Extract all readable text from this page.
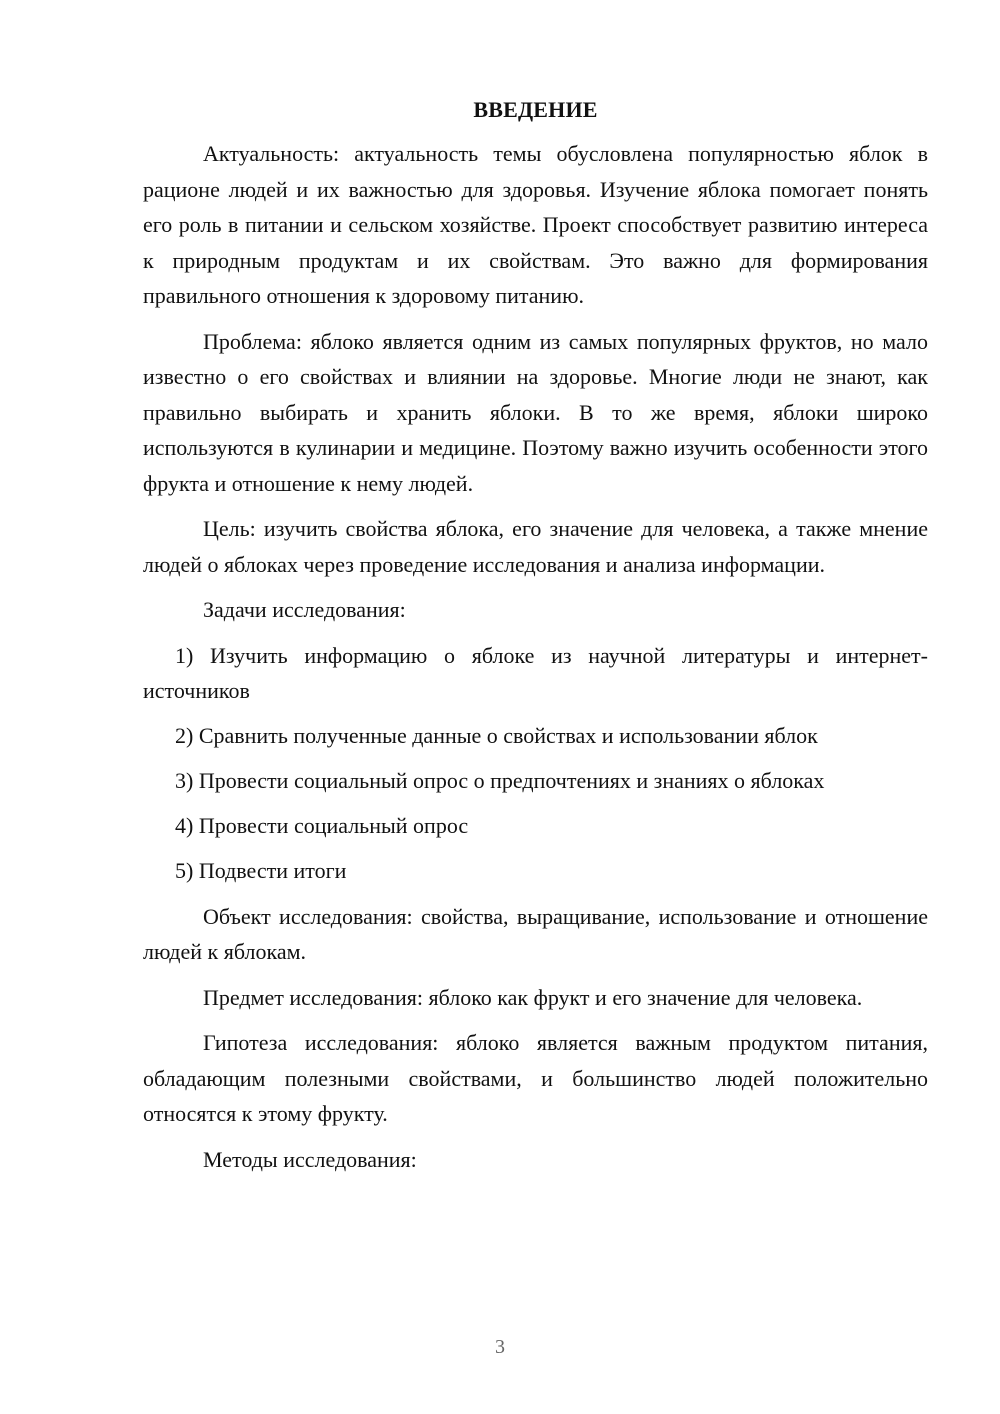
ВВЕДЕНИЕ

Актуальность: актуальность темы обусловлена популярностью яблок в рационе людей и их важностью для здоровья. Изучение яблока помогает понять его роль в питании и сельском хозяйстве. Проект способствует развитию интереса к природным продуктам и их свойствам. Это важно для формирования правильного отношения к здоровому питанию.

Проблема: яблоко является одним из самых популярных фруктов, но мало известно о его свойствах и влиянии на здоровье. Многие люди не знают, как правильно выбирать и хранить яблоки. В то же время, яблоки широко используются в кулинарии и медицине. Поэтому важно изучить особенности этого фрукта и отношение к нему людей.

Цель: изучить свойства яблока, его значение для человека, а также мнение людей о яблоках через проведение исследования и анализа информации.

Задачи исследования:

1) Изучить информацию о яблоке из научной литературы и интернет-источников

2) Сравнить полученные данные о свойствах и использовании яблок

3) Провести социальный опрос о предпочтениях и знаниях о яблоках

4) Провести социальный опрос

5) Подвести итоги

Объект исследования: свойства, выращивание, использование и отношение людей к яблокам.

Предмет исследования: яблоко как фрукт и его значение для человека.

Гипотеза исследования: яблоко является важным продуктом питания, обладающим полезными свойствами, и большинство людей положительно относятся к этому фрукту.

Методы исследования:

3
